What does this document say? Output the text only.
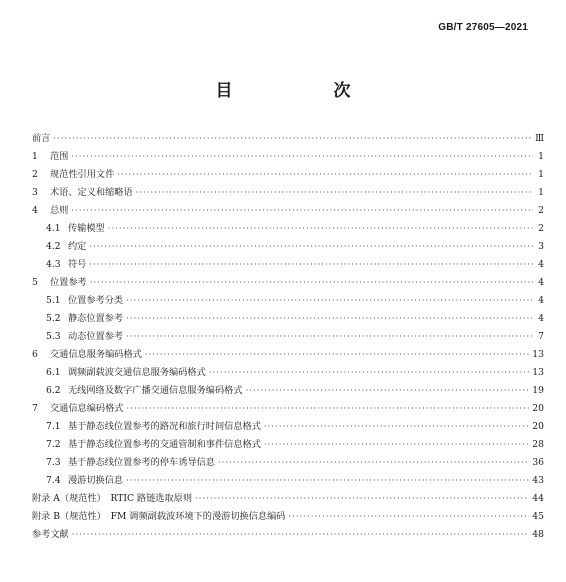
GB/T 27605—2021
目　次
前言 ·····	Ⅲ
1	范围 ·····	1
2	规范性引用文件 ·····	1
3	术语、定义和缩略语 ·····	1
4	总则 ·····	2
4.1 传输模型 ·····	2
4.2 约定 ·····	3
4.3 符号 ·····	4
5	位置参考 ·····	4
5.1 位置参考分类 ·····	4
5.2 静态位置参考 ·····	4
5.3 动态位置参考 ·····	7
6	交通信息服务编码格式 ·····	13
6.1 调频副载波交通信息服务编码格式 ·····	13
6.2 无线网络及数字广播交通信息服务编码格式 ·····	19
7	交通信息编码格式 ·····	20
7.1 基于静态线位置参考的路况和旅行时间信息格式 ·····	20
7.2 基于静态线位置参考的交通管制和事件信息格式 ·····	28
7.3 基于静态线位置参考的停车诱导信息 ·····	36
7.4 漫游切换信息 ·····	43
附录 A（规范性）　RTIC 路链选取原则 ·····	44
附录 B（规范性）　FM 调频副载波环境下的漫游切换信息编码 ·····	45
参考文献 ·····	48
